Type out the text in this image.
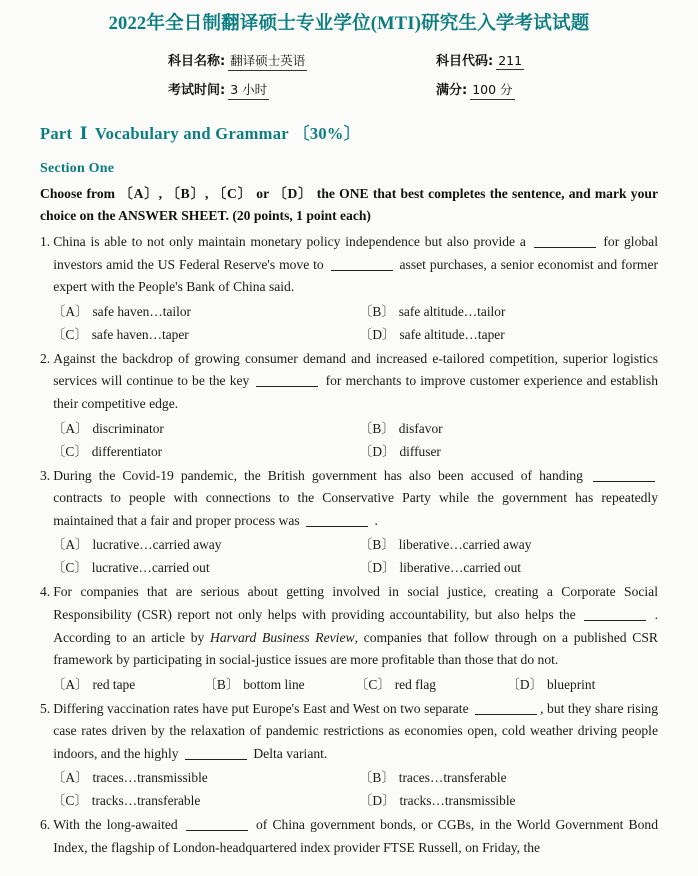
2022年全日制翻译硕士专业学位(MTI)研究生入学考试试题
科目名称: 翻译硕士英语	科目代码: 211
考试时间: 3 小时	满分: 100 分
Part Ⅰ Vocabulary and Grammar 〔30%〕
Section One
Choose from 〔A〕, 〔B〕, 〔C〕 or 〔D〕 the ONE that best completes the sentence, and mark your choice on the ANSWER SHEET. (20 points, 1 point each)
1. China is able to not only maintain monetary policy independence but also provide a	for global investors amid the US Federal Reserve's move to	asset purchases, a senior economist and former expert with the People's Bank of China said.
〔A〕 safe haven…tailor	〔B〕 safe altitude…tailor
〔C〕 safe haven…taper	〔D〕 safe altitude…taper
2. Against the backdrop of growing consumer demand and increased e-tailored competition, superior logistics services will continue to be the key	for merchants to improve customer experience and establish their competitive edge.
〔A〕 discriminator	〔B〕 disfavor
〔C〕 differentiator	〔D〕 diffuser
3. During the Covid-19 pandemic, the British government has also been accused of handing  contracts to people with connections to the Conservative Party while the government has repeatedly maintained that a fair and proper process was	.
〔A〕 lucrative…carried away	〔B〕 liberative…carried away
〔C〕 lucrative…carried out	〔D〕 liberative…carried out
4. For companies that are serious about getting involved in social justice, creating a Corporate Social Responsibility (CSR) report not only helps with providing accountability, but also helps the	. According to an article by Harvard Business Review, companies that follow through on a published CSR framework by participating in social-justice issues are more profitable than those that do not.
〔A〕 red tape	〔B〕 bottom line	〔C〕 red flag	〔D〕 blueprint
5. Differing vaccination rates have put Europe's East and West on two separate	, but they share rising case rates driven by the relaxation of pandemic restrictions as economies open, cold weather driving people indoors, and the highly	Delta variant.
〔A〕 traces…transmissible	〔B〕 traces…transferable
〔C〕 tracks…transferable	〔D〕 tracks…transmissible
6. With the long-awaited	of China government bonds, or CGBs, in the World Government Bond Index, the flagship of London-headquartered index provider FTSE Russell, on Friday, the
